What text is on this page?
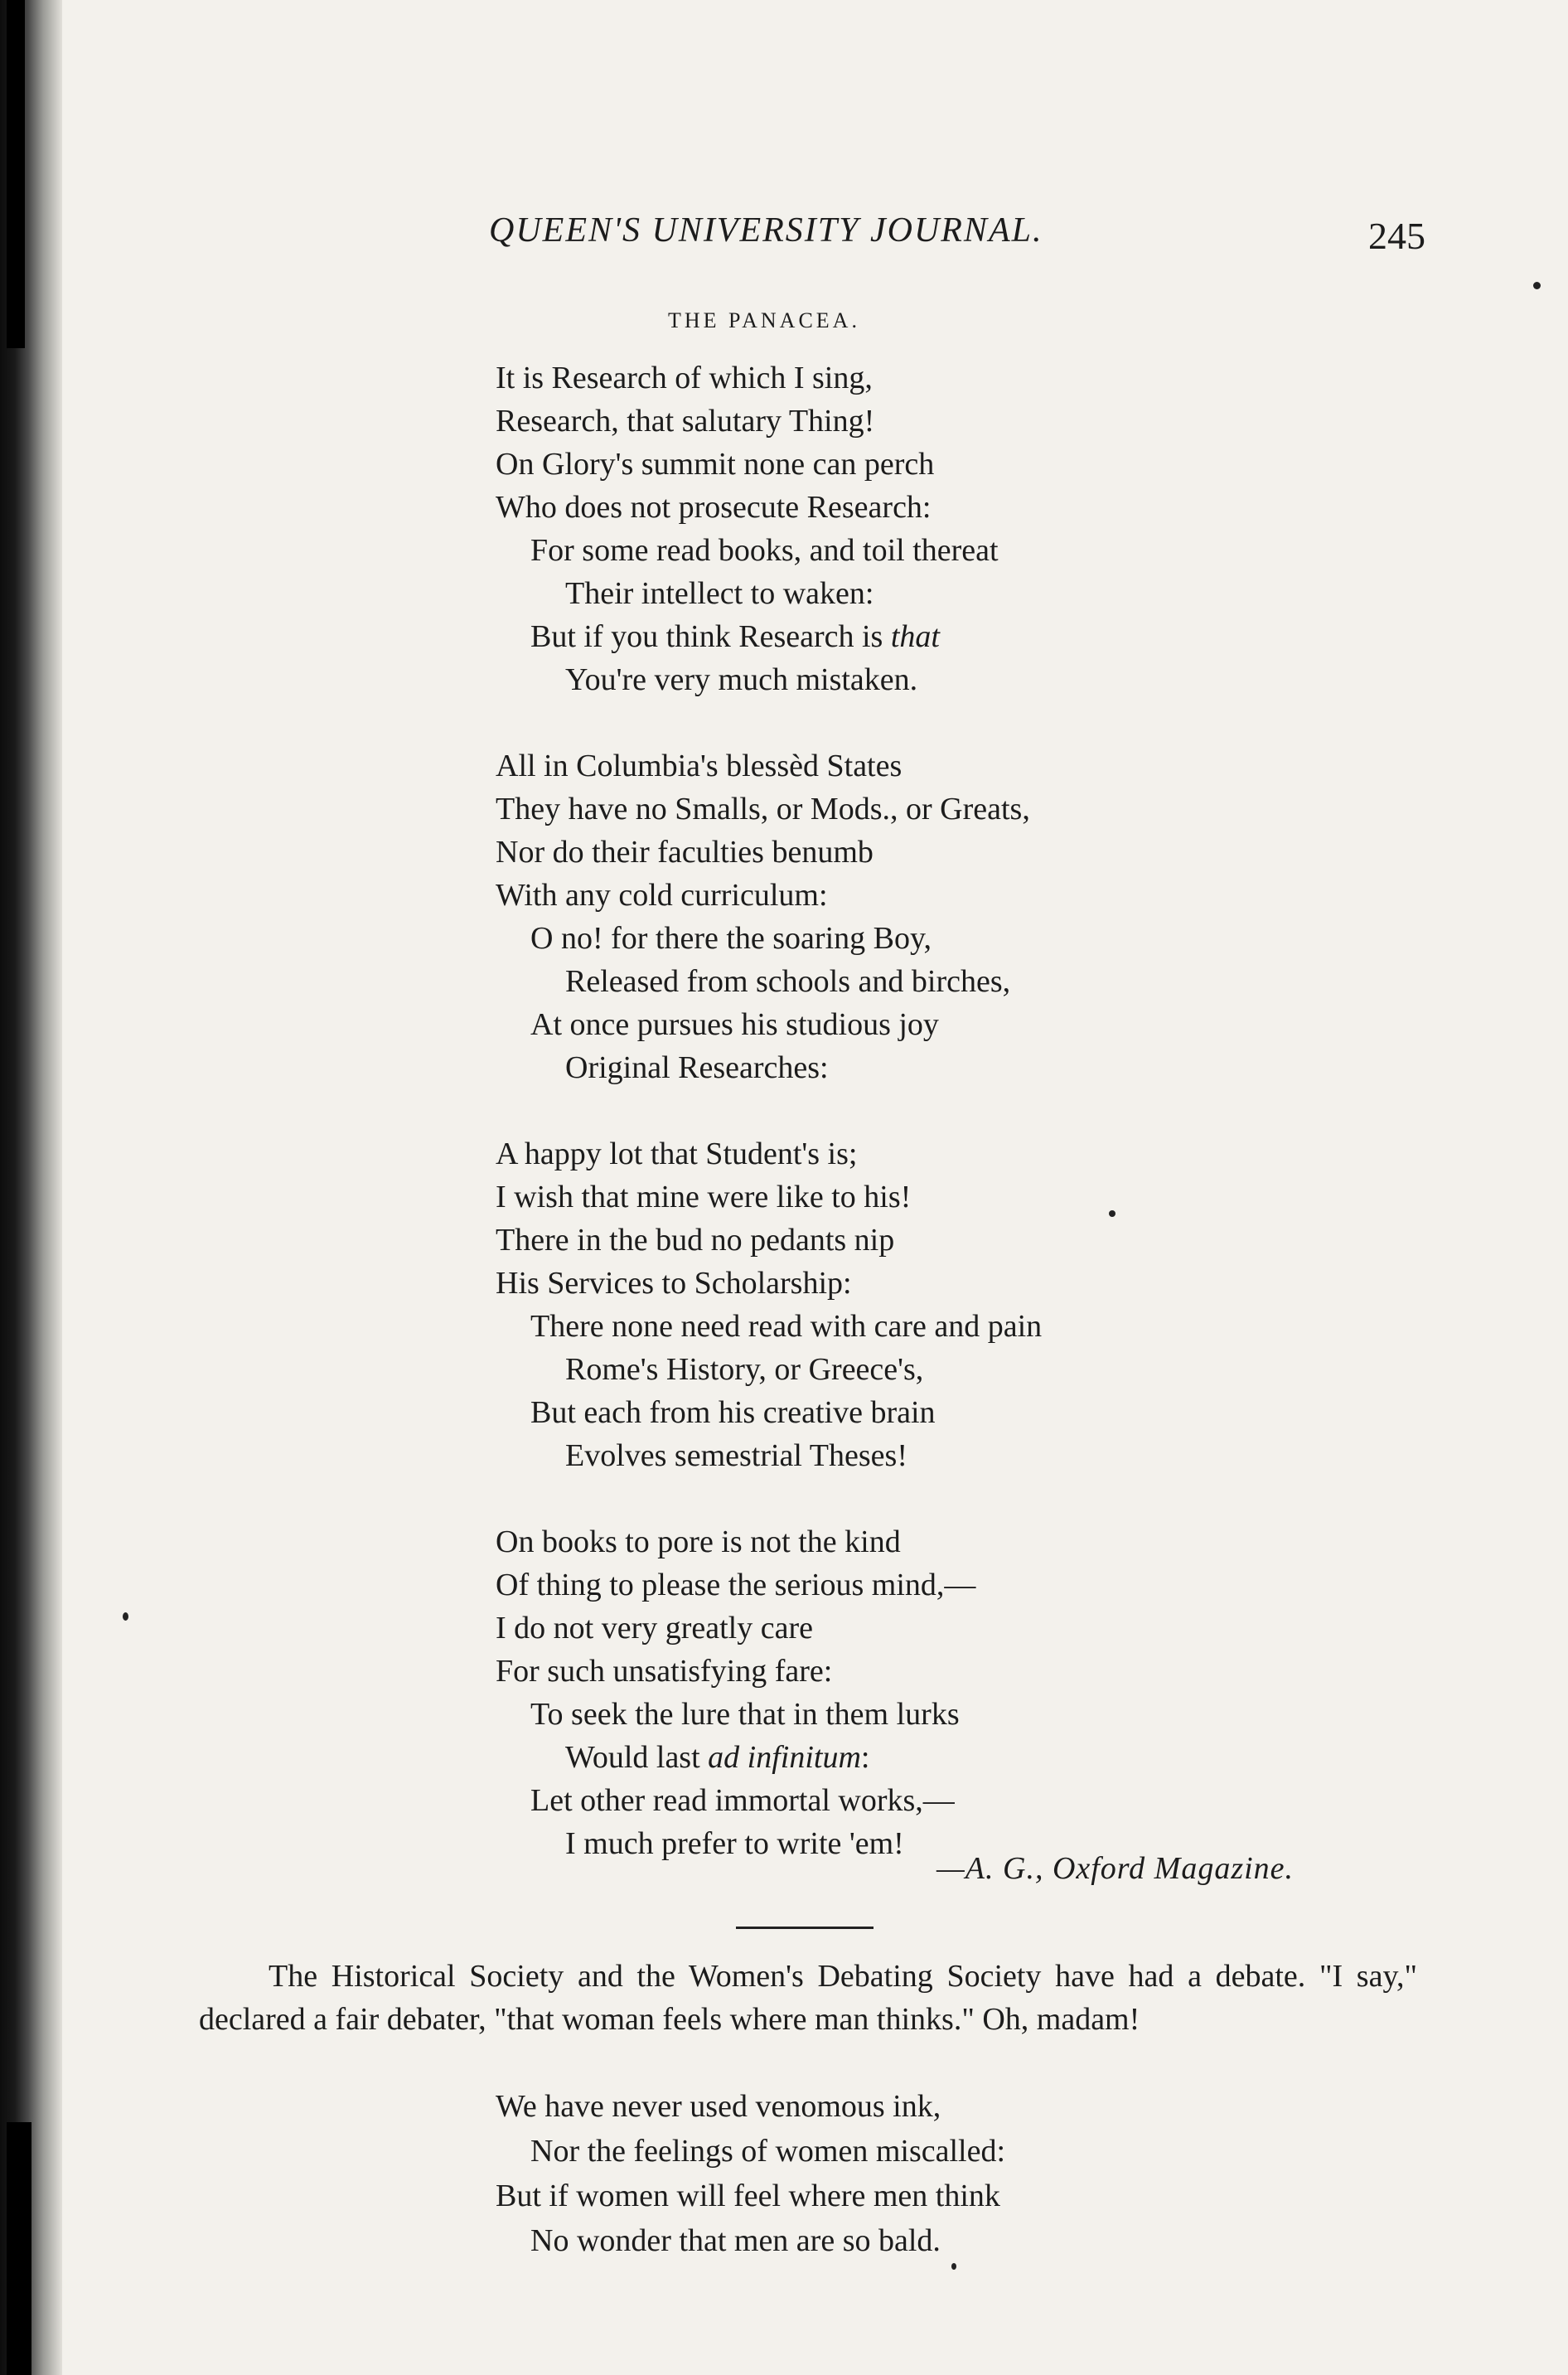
QUEEN'S UNIVERSITY JOURNAL.	245
THE PANACEA.
It is Research of which I sing,
Research, that salutary Thing!
On Glory's summit none can perch
Who does not prosecute Research:
For some read books, and toil thereat
Their intellect to waken:
But if you think Research is that
You're very much mistaken.
All in Columbia's blessèd States
They have no Smalls, or Mods., or Greats,
Nor do their faculties benumb
With any cold curriculum:
O no! for there the soaring Boy,
Released from schools and birches,
At once pursues his studious joy
Original Researches:
A happy lot that Student's is;
I wish that mine were like to his!
There in the bud no pedants nip
His Services to Scholarship:
There none need read with care and pain
Rome's History, or Greece's,
But each from his creative brain
Evolves semestrial Theses!
On books to pore is not the kind
Of thing to please the serious mind,—
I do not very greatly care
For such unsatisfying fare:
To seek the lure that in them lurks
Would last ad infinitum:
Let other read immortal works,—
I much prefer to write 'em!
—A. G., Oxford Magazine.
The Historical Society and the Women's Debating Society have had a debate. "I say," declared a fair debater, "that woman feels where man thinks." Oh, madam!
We have never used venomous ink,
Nor the feelings of women miscalled:
But if women will feel where men think
No wonder that men are so bald.
